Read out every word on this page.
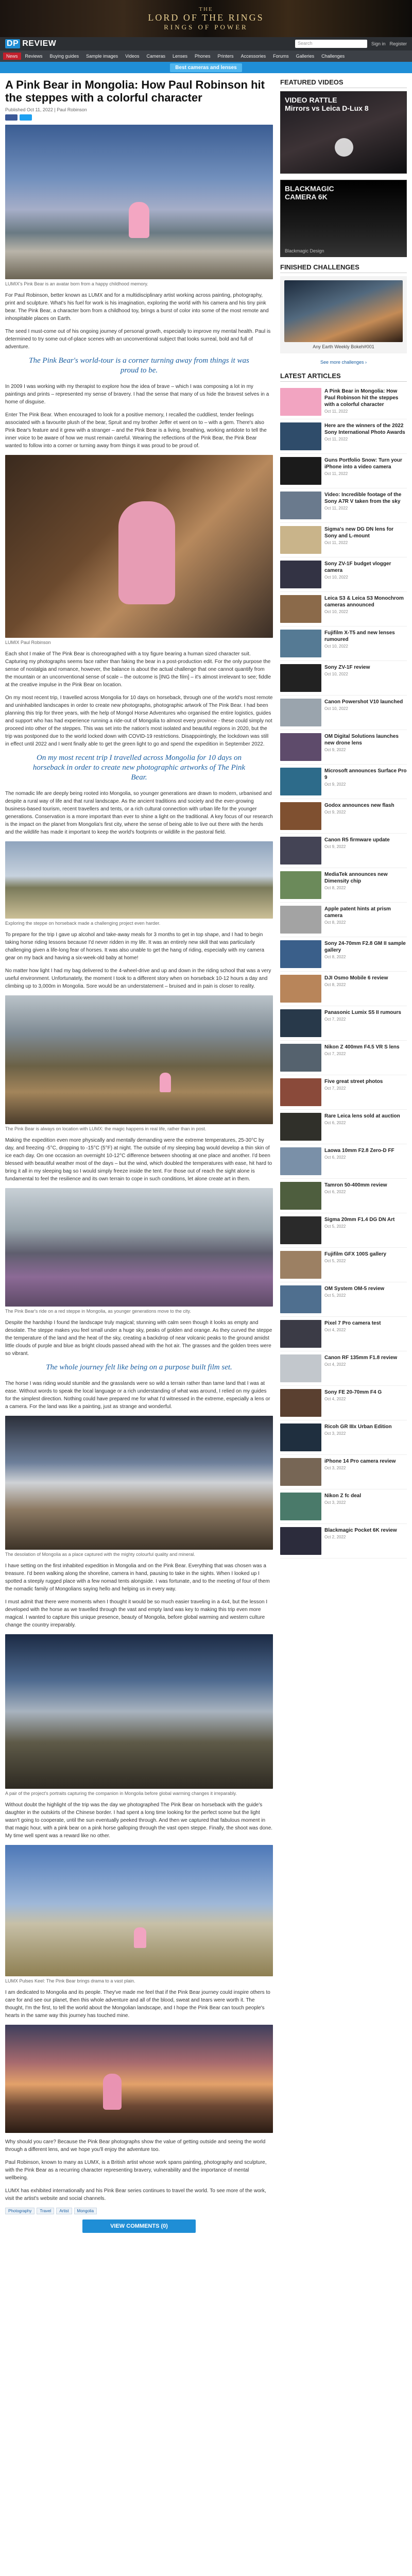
THE
LORD OF THE RINGS
RINGS OF POWER
DP REVIEW	Search	Sign in Register
News	Reviews	Buying guides	Sample images	Videos	Cameras	Lenses	Phones	Printers	Accessories	Forums	Galleries	Challenges
Best cameras and lenses
A Pink Bear in Mongolia: How Paul Robinson hit the steppes with a colorful character
Published Oct 11, 2022 | Paul Robinson
LUMIX's Pink Bear is an avatar born from a happy childhood memory.

For Paul Robinson, better known as LUMX and for a multidisciplinary artist working across painting, photography, print and sculpture. What's his fuel for work is his imagination, exploring the world with his camera and his tiny pink bear. The Pink Bear, a character born from a childhood toy, brings a burst of color into some of the most remote and inhospitable places on Earth.

The seed I must-come out of his ongoing journey of personal growth, especially to improve my mental health. Paul is determined to try some out-of-place scenes with an unconventional subject that looks surreal, bold and full of adventure.

The Pink Bear's world-tour is a corner turning away from things it was proud to be.

In 2009 I was working with my therapist to explore how the idea of brave – which I was composing a lot in my paintings and prints – represented my sense of bravery. I had the sense that many of us hide the bravest selves in a home of disguise.

Enter The Pink Bear. When encouraged to look for a positive memory, I recalled the cuddliest, tender feelings associated with a favourite plush of the bear, Spruit and my brother Jeffer et went on to – with a gem. There's also Pink Bear's feature and it grew with a stranger – and the Pink Bear is a living, breathing, working antidote to tell the inner voice to be aware of how we must remain careful. Wearing the reflections of the Pink Bear, the Pink Bear wanted to follow into a corner or turning away from things it was proud to be proud of.

LUMIX Paul Robinson

Each shot I make of The Pink Bear is choreographed with a toy figure bearing a human sized character suit. Capturing my photographs seems face rather than faking the bear in a post-production edit. For the only purpose the sense of nostalgia and romance, however, the balance is about the actual challenge that one cannot quantify from the mountain or an unconventional sense of scale – the outcome is [ING the film] – it's almost irrelevant to see; fiddle at the creative impulse in the Pink Bear on location.

On my most recent trip, I travelled across Mongolia for 10 days on horseback, through one of the world's most remote and uninhabited landscapes in order to create new photographs, photographic artwork of The Pink Bear. I had been planning this trip for three years, with the help of Mongol Horse Adventures who organised the entire logistics, guides and support who has had experience running a ride-out of Mongolia to almost every province - these could simply not proceed into other of the steppes. This was set into the nation's most isolated and beautiful regions in 2020, but the trip was postponed due to the world locked down with COVID-19 restrictions. Disappointingly, the lockdown was still in effect until 2022 and I went finally able to get the green light to go and spend the expedition in September 2022.

On my most recent trip I travelled across Mongolia for 10 days on horseback in order to create new photographic artworks of The Pink Bear.

The nomadic life are deeply being rooted into Mongolia, so younger generations are drawn to modern, urbanised and despite a rural way of life and that rural landscape. As the ancient traditions and society and the ever-growing business-based tourism, recent travellers and tents, or a rich cultural connection with urban life for the younger generations. Conservation is a more important than ever to shine a light on the traditional. A key focus of our research is the impact on the planet from Mongolia's first city, where the sense of being able to live out there with the herds and the wildlife has made it important to keep the world's footprints or wildlife in the pastoral field.

Exploring the steppe on horseback made a challenging project even harder.

To prepare for the trip I gave up alcohol and take-away meals for 3 months to get in top shape, and I had to begin taking horse riding lessons because I'd never ridden in my life. It was an entirely new skill that was particularly challenging given a life-long fear of horses. It was also unable to get the hang of riding, especially with my camera gear on my back and having a six-week-old baby at home!

No matter how light I had my bag delivered to the 4-wheel-drive and up and down in the riding school that was a very useful environment. Unfortunately, the moment I took to a different story when on horseback 10-12 hours a day and climbing up to 3,000m in Mongolia. Sore would be an understatement – bruised and in pain is closer to reality.

The Pink Bear is always on location with LUMX: the magic happens in real life, rather than in post.

Making the expedition even more physically and mentally demanding were the extreme temperatures, 25-30°C by day, and freezing -5°C, dropping to -15°C (5°F) at night. The outside of my sleeping bag would develop a thin skin of ice each day. On one occasion an overnight 10-12°C difference between shooting at one place and another. I'd been blessed with beautiful weather most of the days – but the wind, which doubled the temperatures with ease, hit hard to bring it all in my sleeping bag so I would simply freeze inside the tent. For those out of reach the sight alone is fundamental to feel the resilience and its own terrain to cope in such conditions, let alone create art in them.

The Pink Bear's ride on a red steppe in Mongolia, as younger generations move to the city.

Despite the hardship I found the landscape truly magical; stunning with calm seen though it looks as empty and desolate. The steppe makes you feel small under a huge sky, peaks of golden and orange. As they curved the steppe the temperature of the land and the heat of the sky, creating a backdrop of near volcanic peaks to the ground amidst little clouds of purple and blue as bright clouds passed ahead with the hot air. The grasses and the golden trees were so vibrant.

The whole journey felt like being on a purpose built film set.

The horse I was riding would stumble and the grasslands were so wild a terrain rather than tame land that I was at ease. Without words to speak the local language or a rich understanding of what was around, I relied on my guides for the simplest direction. Nothing could have prepared me for what I'd witnessed in the extreme, especially a lens or a camera. For the land was like a painting, just as strange and wonderful.

The desolation of Mongolia as a place captured with the mighty colourful quality and mineral.

I have setting on the first inhabited expedition in Mongolia and on the Pink Bear. Everything that was chosen was a treasure. I'd been walking along the shoreline, camera in hand, pausing to take in the sights. When I looked up I spotted a steeply rugged place with a few nomad tents alongside. I was fortunate, and to the meeting of four of them the nomadic family of Mongolians saying hello and helping us in every way.

I must admit that there were moments when I thought it would be so much easier traveling in a 4x4, but the lesson I developed with the horse as we travelled through the vast and empty land was key to making this trip even more magical. I wanted to capture this unique presence, beauty of Mongolia, before global warming and western culture change the country irreparably.

A pair of the project's portraits capturing the companion in Mongolia before global warming changes it irreparably.

Without doubt the highlight of the trip was the day we photographed The Pink Bear on horseback with the guide's daughter in the outskirts of the Chinese border. I had spent a long time looking for the perfect scene but the light wasn't going to cooperate, until the sun eventually peeked through. And then we captured that fabulous moment in that magic hour, with a pink bear on a pink horse galloping through the vast open steppe. Finally, the shoot was done. My time well spent was a reward like no other.

LUMX Pulses Keel: The Pink Bear brings drama to a vast plain.

I am dedicated to Mongolia and its people. They've made me feel that if the Pink Bear journey could inspire others to care for and see our planet, then this whole adventure and all of the blood, sweat and tears were worth it. The thought, I'm the first, to tell the world about the Mongolian landscape, and I hope the Pink Bear can touch people's hearts in the same way this journey has touched mine.

Why should you care? Because the Pink Bear photographs show the value of getting outside and seeing the world through a different lens, and we hope you'll enjoy the adventure too.

Paul Robinson, known to many as LUMX, is a British artist whose work spans painting, photography and sculpture, with the Pink Bear as a recurring character representing bravery, vulnerability and the importance of mental wellbeing.

LUMX has exhibited internationally and his Pink Bear series continues to travel the world. To see more of the work, visit the artist's website and social channels.

Photography	Travel	Artist	Mongolia
VIEW COMMENTS (0)
FEATURED VIDEOS
VIDEO RATTLE
Mirrors vs Leica D-Lux 8
BLACKMAGIC
CAMERA 6K
Blackmagic Design
FINISHED CHALLENGES
Any Earth Weekly Bokeh#001
See more challenges ›
LATEST ARTICLES
A Pink Bear in Mongolia: How Paul Robinson hit the steppes with a colorful character
Oct 11, 2022
Here are the winners of the 2022 Sony International Photo Awards
Oct 11, 2022
Guns Portfolio Snow: Turn your iPhone into a video camera
Oct 11, 2022
Video: Incredible footage of the Sony A7R V taken from the sky
Oct 11, 2022
Sigma's new DG DN lens for Sony and L-mount
Oct 11, 2022
Sony ZV-1F budget vlogger camera
Oct 10, 2022
Leica S3 & Leica S3 Monochrom cameras announced
Oct 10, 2022
Fujifilm X-T5 and new lenses rumoured
Oct 10, 2022
Sony ZV-1F review
Oct 10, 2022
Canon Powershot V10 launched
Oct 10, 2022
OM Digital Solutions launches new drone lens
Oct 9, 2022
Microsoft announces Surface Pro 9
Oct 9, 2022
Godox announces new flash
Oct 9, 2022
Canon R5 firmware update
Oct 9, 2022
MediaTek announces new Dimensity chip
Oct 8, 2022
Apple patent hints at prism camera
Oct 8, 2022
Sony 24-70mm F2.8 GM II sample gallery
Oct 8, 2022
DJI Osmo Mobile 6 review
Oct 8, 2022
Panasonic Lumix S5 II rumours
Oct 7, 2022
Nikon Z 400mm F4.5 VR S lens
Oct 7, 2022
Five great street photos
Oct 7, 2022
Rare Leica lens sold at auction
Oct 6, 2022
Laowa 10mm F2.8 Zero-D FF
Oct 6, 2022
Tamron 50-400mm review
Oct 6, 2022
Sigma 20mm F1.4 DG DN Art
Oct 5, 2022
Fujifilm GFX 100S gallery
Oct 5, 2022
OM System OM-5 review
Oct 5, 2022
Pixel 7 Pro camera test
Oct 4, 2022
Canon RF 135mm F1.8 review
Oct 4, 2022
Sony FE 20-70mm F4 G
Oct 4, 2022
Ricoh GR IIIx Urban Edition
Oct 3, 2022
iPhone 14 Pro camera review
Oct 3, 2022
Nikon Z fc deal
Oct 3, 2022
Blackmagic Pocket 6K review
Oct 2, 2022
